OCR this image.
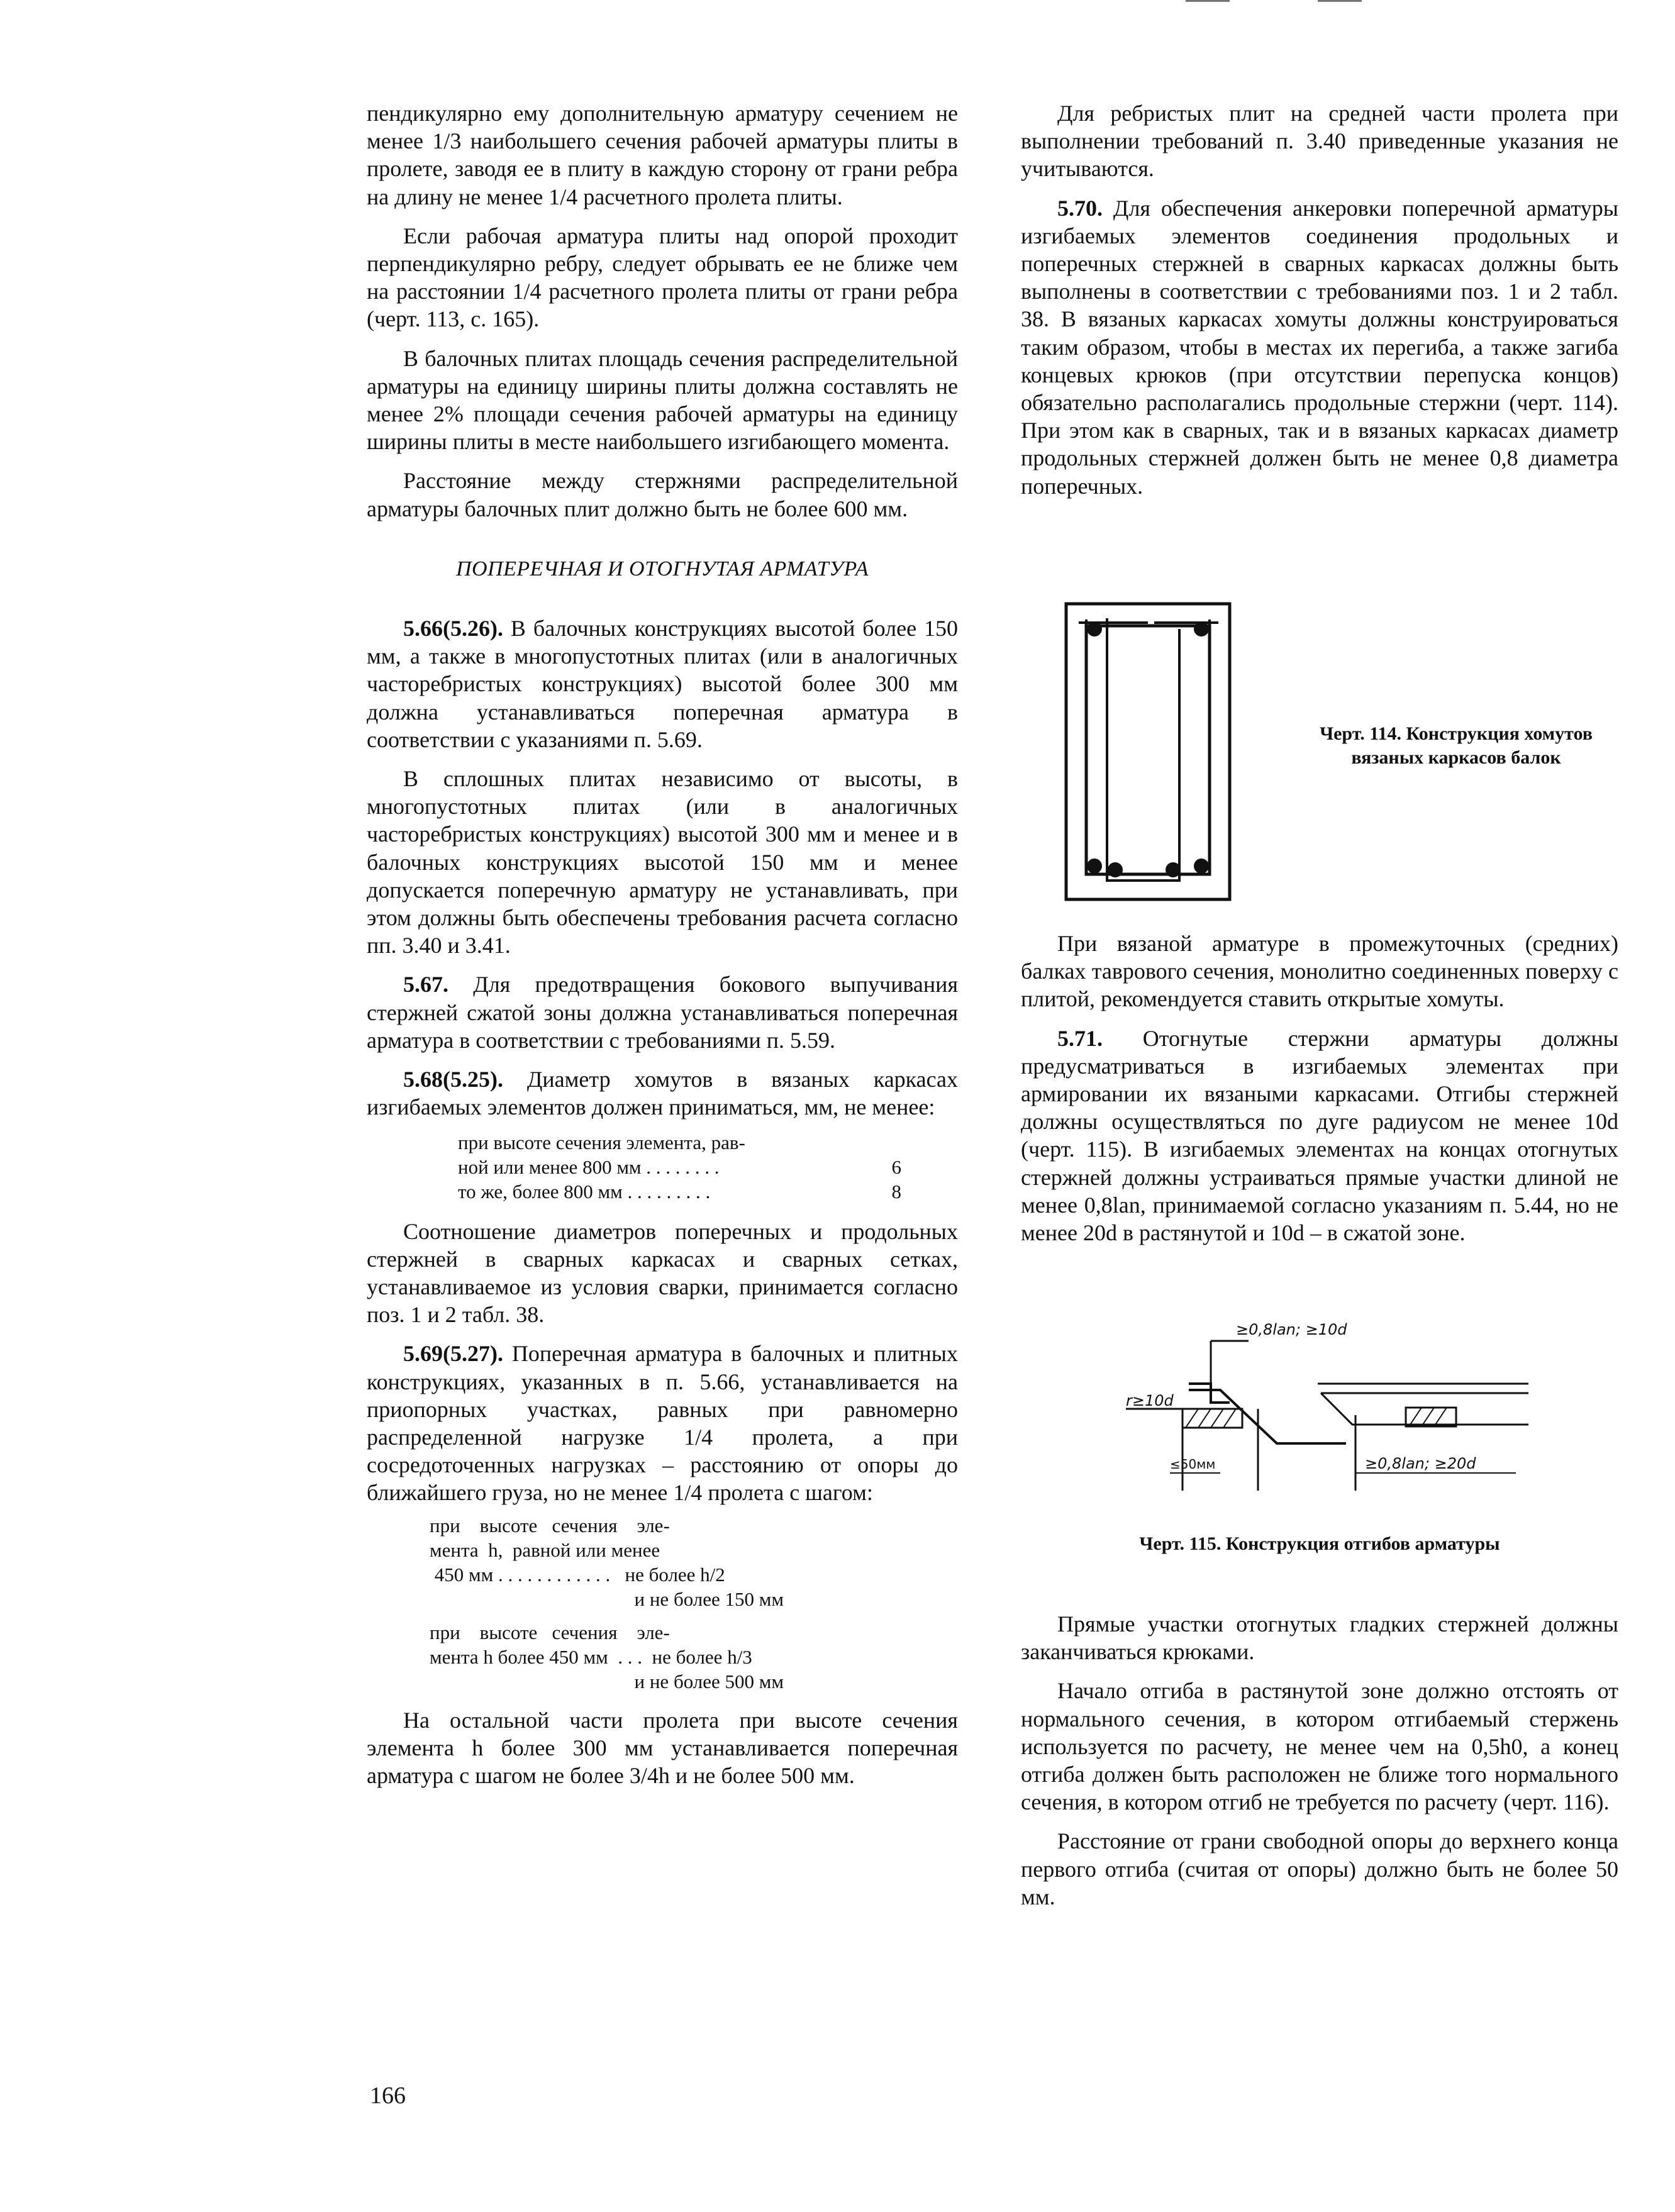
пендикулярно ему дополнительную арматуру сечением не менее 1/3 наибольшего сечения рабочей арматуры плиты в пролете, заводя ее в плиту в каждую сторону от грани ребра на длину не менее 1/4 расчетного пролета плиты.

Если рабочая арматура плиты над опорой проходит перпендикулярно ребру, следует обрывать ее не ближе чем на расстоянии 1/4 расчетного пролета плиты от грани ребра (черт. 113, с. 165).

В балочных плитах площадь сечения распределительной арматуры на единицу ширины плиты должна составлять не менее 2% площади сечения рабочей арматуры на единицу ширины плиты в месте наибольшего изгибающего момента.

Расстояние между стержнями распределительной арматуры балочных плит должно быть не более 600 мм.

ПОПЕРЕЧНАЯ И ОТОГНУТАЯ АРМАТУРА

5.66(5.26). В балочных конструкциях высотой более 150 мм, а также в многопустотных плитах (или в аналогичных часторебристых конструкциях) высотой более 300 мм должна устанавливаться поперечная арматура в соответствии с указаниями п. 5.69.

В сплошных плитах независимо от высоты, в многопустотных плитах (или в аналогичных часторебристых конструкциях) высотой 300 мм и менее и в балочных конструкциях высотой 150 мм и менее допускается поперечную арматуру не устанавливать, при этом должны быть обеспечены требования расчета согласно пп. 3.40 и 3.41.

5.67. Для предотвращения бокового выпучивания стержней сжатой зоны должна устанавливаться поперечная арматура в соответствии с требованиями п. 5.59.

5.68(5.25). Диаметр хомутов в вязаных каркасах изгибаемых элементов должен приниматься, мм, не менее:

при высоте сечения элемента, рав-
ной или менее 800 мм . . . . . . . .	6
то же, более 800 мм . . . . . . . . .	8

Соотношение диаметров поперечных и продольных стержней в сварных каркасах и сварных сетках, устанавливаемое из условия сварки, принимается согласно поз. 1 и 2 табл. 38.

5.69(5.27). Поперечная арматура в балочных и плитных конструкциях, указанных в п. 5.66, устанавливается на приопорных участках, равных при равномерно распределенной нагрузке 1/4 пролета, а при сосредоточенных нагрузках – расстоянию от опоры до ближайшего груза, но не менее 1/4 пролета с шагом:

при    высоте   сечения    эле-
мента  h,  равной или менее
450 мм . . . . . . . . . . . .   не более h/2
и не более 150 мм
при    высоте   сечения    эле-
мента h более 450 мм  . . .  не более h/3
и не более 500 мм

На остальной части пролета при высоте сечения элемента h более 300 мм устанавливается поперечная арматура с шагом не более 3/4h и не более 500 мм.

166

Для ребристых плит на средней части пролета при выполнении требований п. 3.40 приведенные указания не учитываются.

5.70. Для обеспечения анкеровки поперечной арматуры изгибаемых элементов соединения продольных и поперечных стержней в сварных каркасах должны быть выполнены в соответствии с требованиями поз. 1 и 2 табл. 38. В вязаных каркасах хомуты должны конструироваться таким образом, чтобы в местах их перегиба, а также загиба концевых крюков (при отсутствии перепуска концов) обязательно располагались продольные стержни (черт. 114). При этом как в сварных, так и в вязаных каркасах диаметр продольных стержней должен быть не менее 0,8 диаметра поперечных.

Черт. 114. Конструкция хомутов вязаных каркасов балок

При вязаной арматуре в промежуточных (средних) балках таврового сечения, монолитно соединенных поверху с плитой, рекомендуется ставить открытые хомуты.

5.71. Отогнутые стержни арматуры должны предусматриваться в изгибаемых элементах при армировании их вязаными каркасами. Отгибы стержней должны осуществляться по дуге радиусом не менее 10d (черт. 115). В изгибаемых элементах на концах отогнутых стержней должны устраиваться прямые участки длиной не менее 0,8lan, принимаемой согласно указаниям п. 5.44, но не менее 20d в растянутой и 10d – в сжатой зоне.

≥0,8lan; ≥10d
r≥10d
≤50мм	≥0,8lan; ≥20d
Черт. 115. Конструкция отгибов арматуры

Прямые участки отогнутых гладких стержней должны заканчиваться крюками.

Начало отгиба в растянутой зоне должно отстоять от нормального сечения, в котором отгибаемый стержень используется по расчету, не менее чем на 0,5h0, а конец отгиба должен быть расположен не ближе того нормального сечения, в котором отгиб не требуется по расчету (черт. 116).

Расстояние от грани свободной опоры до верхнего конца первого отгиба (считая от опоры) должно быть не более 50 мм.
